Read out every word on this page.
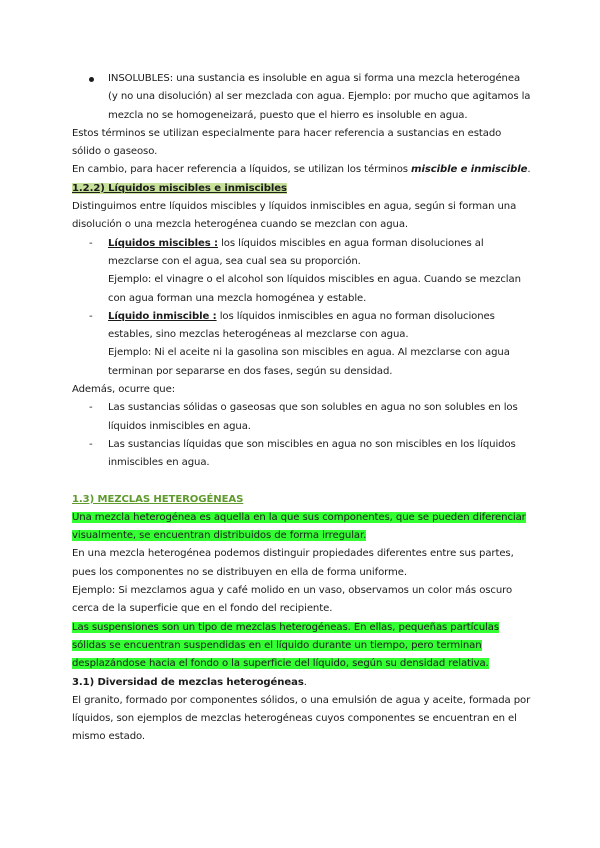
INSOLUBLES: una sustancia es insoluble en agua si forma una mezcla heterogénea (y no una disolución) al ser mezclada con agua. Ejemplo: por mucho que agitamos la mezcla no se homogeneizará, puesto que el hierro es insoluble en agua.

Estos términos se utilizan especialmente para hacer referencia a sustancias en estado sólido o gaseoso.

En cambio, para hacer referencia a líquidos, se utilizan los términos miscible e inmiscible.

1.2.2) Líquidos miscibles e inmiscibles

Distinguimos entre líquidos miscibles y líquidos inmiscibles en agua, según si forman una disolución o una mezcla heterogénea cuando se mezclan con agua.

- Líquidos miscibles : los líquidos miscibles en agua forman disoluciones al mezclarse con el agua, sea cual sea su proporción.

Ejemplo: el vinagre o el alcohol son líquidos miscibles en agua. Cuando se mezclan con agua forman una mezcla homogénea y estable.

- Líquido inmiscible : los líquidos inmiscibles en agua no forman disoluciones estables, sino mezclas heterogéneas al mezclarse con agua.

Ejemplo: Ni el aceite ni la gasolina son miscibles en agua. Al mezclarse con agua terminan por separarse en dos fases, según su densidad.

Además, ocurre que:

- Las sustancias sólidas o gaseosas que son solubles en agua no son solubles en los líquidos inmiscibles en agua.

- Las sustancias líquidas que son miscibles en agua no son miscibles en los líquidos inmiscibles en agua.

1.3) MEZCLAS HETEROGÉNEAS

Una mezcla heterogénea es aquella en la que sus componentes, que se pueden diferenciar visualmente, se encuentran distribuidos de forma irregular.

En una mezcla heterogénea podemos distinguir propiedades diferentes entre sus partes, pues los componentes no se distribuyen en ella de forma uniforme.

Ejemplo: Si mezclamos agua y café molido en un vaso, observamos un color más oscuro cerca de la superficie que en el fondo del recipiente.

Las suspensiones son un tipo de mezclas heterogéneas. En ellas, pequeñas partículas sólidas se encuentran suspendidas en el líquido durante un tiempo, pero terminan desplazándose hacia el fondo o la superficie del líquido, según su densidad relativa.

3.1) Diversidad de mezclas heterogéneas.

El granito, formado por componentes sólidos, o una emulsión de agua y aceite, formada por líquidos, son ejemplos de mezclas heterogéneas cuyos componentes se encuentran en el mismo estado.
